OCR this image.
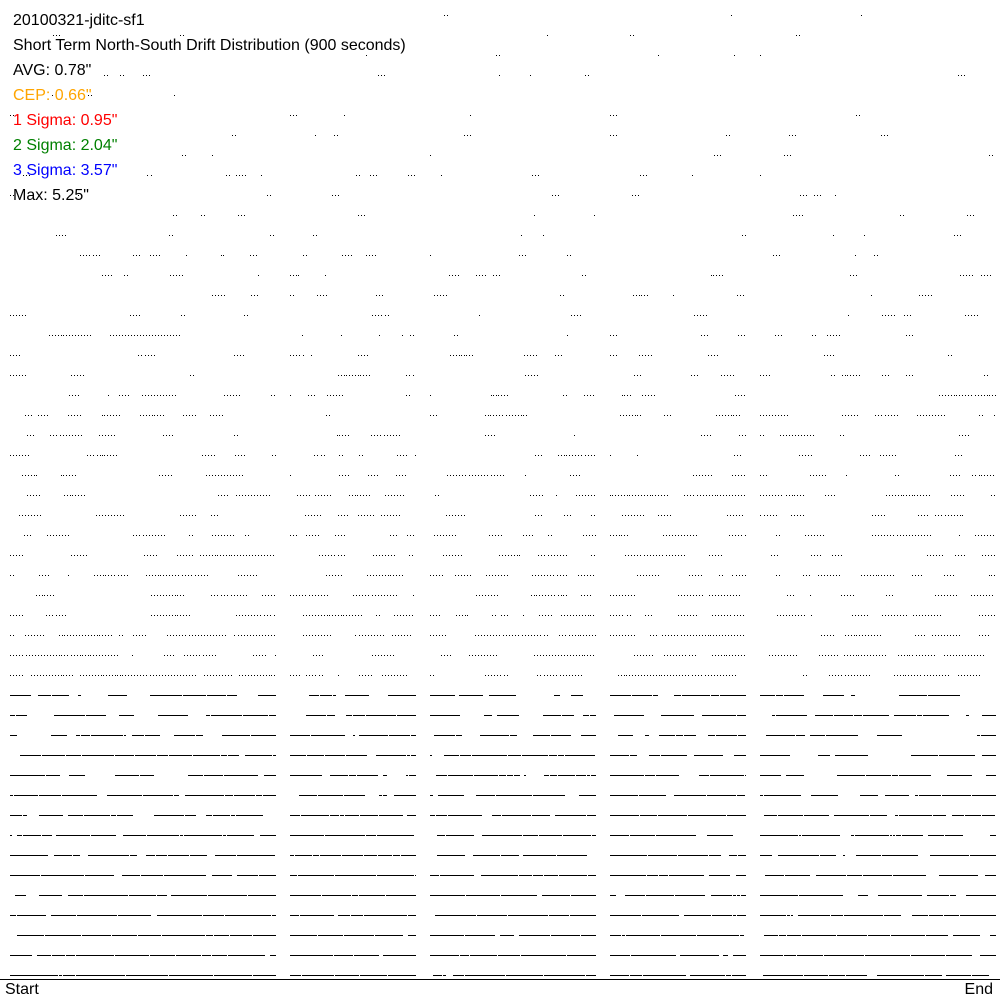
20100321-jditc-sf1
Short Term North-South Drift Distribution (900 seconds)
AVG: 0.78"
CEP: 0.66"
1 Sigma: 0.95"
2 Sigma: 2.04"
3 Sigma: 3.57"
Max: 5.25"
Start	End
